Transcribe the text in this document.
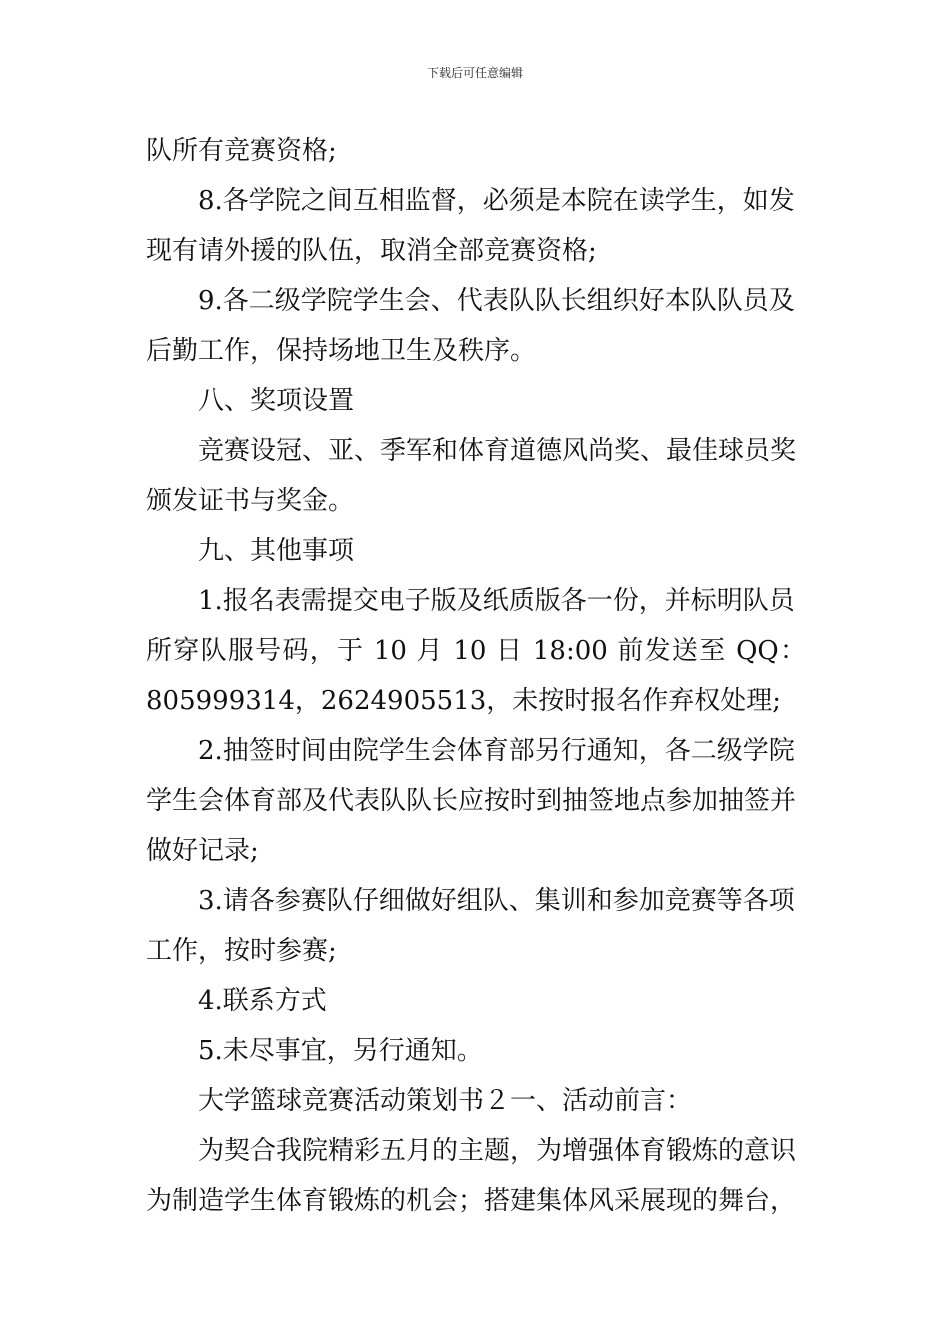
下载后可任意编辑
队所有竞赛资格;
8.各学院之间互相监督，必须是本院在读学生，如发
现有请外援的队伍，取消全部竞赛资格;
9.各二级学院学生会、代表队队长组织好本队队员及
后勤工作，保持场地卫生及秩序。
八、奖项设置
竞赛设冠、亚、季军和体育道德风尚奖、最佳球员奖
颁发证书与奖金。
九、其他事项
1.报名表需提交电子版及纸质版各一份，并标明队员
所穿队服号码，于 10 月 10 日 18:00 前发送至 QQ：
805999314，2624905513，未按时报名作弃权处理;
2.抽签时间由院学生会体育部另行通知，各二级学院
学生会体育部及代表队队长应按时到抽签地点参加抽签并
做好记录;
3.请各参赛队仔细做好组队、集训和参加竞赛等各项
工作，按时参赛;
4.联系方式
5.未尽事宜，另行通知。
大学篮球竞赛活动策划书２一、活动前言：
为契合我院精彩五月的主题，为增强体育锻炼的意识
为制造学生体育锻炼的机会；搭建集体风采展现的舞台，
